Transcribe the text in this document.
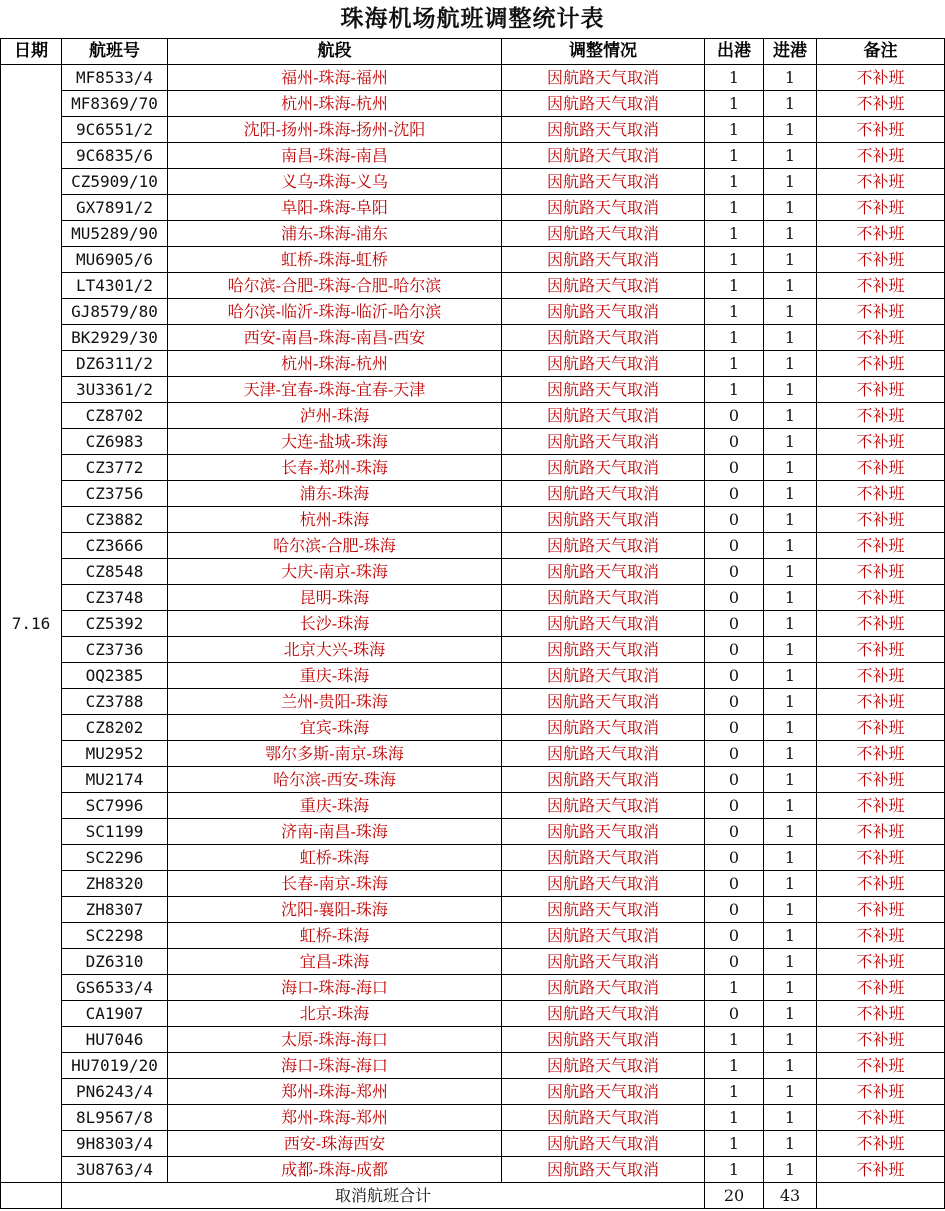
珠海机场航班调整统计表
日期	航班号	航段	调整情况	出港	进港	备注
7.16	MF8533/4	福州-珠海-福州	因航路天气取消	1	1	不补班
	MF8369/70	杭州-珠海-杭州	因航路天气取消	1	1	不补班
	9C6551/2	沈阳-扬州-珠海-扬州-沈阳	因航路天气取消	1	1	不补班
	9C6835/6	南昌-珠海-南昌	因航路天气取消	1	1	不补班
	CZ5909/10	义乌-珠海-义乌	因航路天气取消	1	1	不补班
	GX7891/2	阜阳-珠海-阜阳	因航路天气取消	1	1	不补班
	MU5289/90	浦东-珠海-浦东	因航路天气取消	1	1	不补班
	MU6905/6	虹桥-珠海-虹桥	因航路天气取消	1	1	不补班
	LT4301/2	哈尔滨-合肥-珠海-合肥-哈尔滨	因航路天气取消	1	1	不补班
	GJ8579/80	哈尔滨-临沂-珠海-临沂-哈尔滨	因航路天气取消	1	1	不补班
	BK2929/30	西安-南昌-珠海-南昌-西安	因航路天气取消	1	1	不补班
	DZ6311/2	杭州-珠海-杭州	因航路天气取消	1	1	不补班
	3U3361/2	天津-宜春-珠海-宜春-天津	因航路天气取消	1	1	不补班
	CZ8702	泸州-珠海	因航路天气取消	0	1	不补班
	CZ6983	大连-盐城-珠海	因航路天气取消	0	1	不补班
	CZ3772	长春-郑州-珠海	因航路天气取消	0	1	不补班
	CZ3756	浦东-珠海	因航路天气取消	0	1	不补班
	CZ3882	杭州-珠海	因航路天气取消	0	1	不补班
	CZ3666	哈尔滨-合肥-珠海	因航路天气取消	0	1	不补班
	CZ8548	大庆-南京-珠海	因航路天气取消	0	1	不补班
	CZ3748	昆明-珠海	因航路天气取消	0	1	不补班
	CZ5392	长沙-珠海	因航路天气取消	0	1	不补班
	CZ3736	北京大兴-珠海	因航路天气取消	0	1	不补班
	OQ2385	重庆-珠海	因航路天气取消	0	1	不补班
	CZ3788	兰州-贵阳-珠海	因航路天气取消	0	1	不补班
	CZ8202	宜宾-珠海	因航路天气取消	0	1	不补班
	MU2952	鄂尔多斯-南京-珠海	因航路天气取消	0	1	不补班
	MU2174	哈尔滨-西安-珠海	因航路天气取消	0	1	不补班
	SC7996	重庆-珠海	因航路天气取消	0	1	不补班
	SC1199	济南-南昌-珠海	因航路天气取消	0	1	不补班
	SC2296	虹桥-珠海	因航路天气取消	0	1	不补班
	ZH8320	长春-南京-珠海	因航路天气取消	0	1	不补班
	ZH8307	沈阳-襄阳-珠海	因航路天气取消	0	1	不补班
	SC2298	虹桥-珠海	因航路天气取消	0	1	不补班
	DZ6310	宜昌-珠海	因航路天气取消	0	1	不补班
	GS6533/4	海口-珠海-海口	因航路天气取消	1	1	不补班
	CA1907	北京-珠海	因航路天气取消	0	1	不补班
	HU7046	太原-珠海-海口	因航路天气取消	1	1	不补班
	HU7019/20	海口-珠海-海口	因航路天气取消	1	1	不补班
	PN6243/4	郑州-珠海-郑州	因航路天气取消	1	1	不补班
	8L9567/8	郑州-珠海-郑州	因航路天气取消	1	1	不补班
	9H8303/4	西安-珠海西安	因航路天气取消	1	1	不补班
	3U8763/4	成都-珠海-成都	因航路天气取消	1	1	不补班
	取消航班合计			20	43	
